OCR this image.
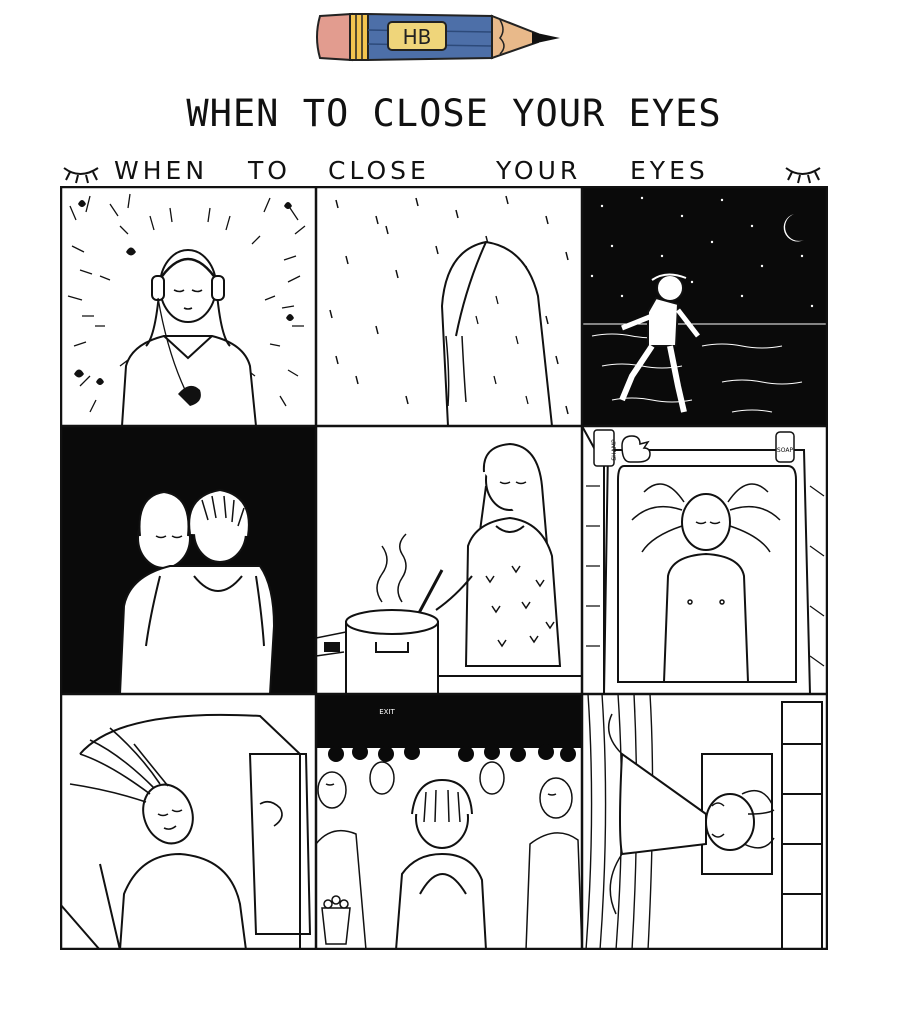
HB
WHEN TO CLOSE YOUR EYES
WHEN TO CLOSE	YOUR EYES
SHAMP	SOAP
EXIT
